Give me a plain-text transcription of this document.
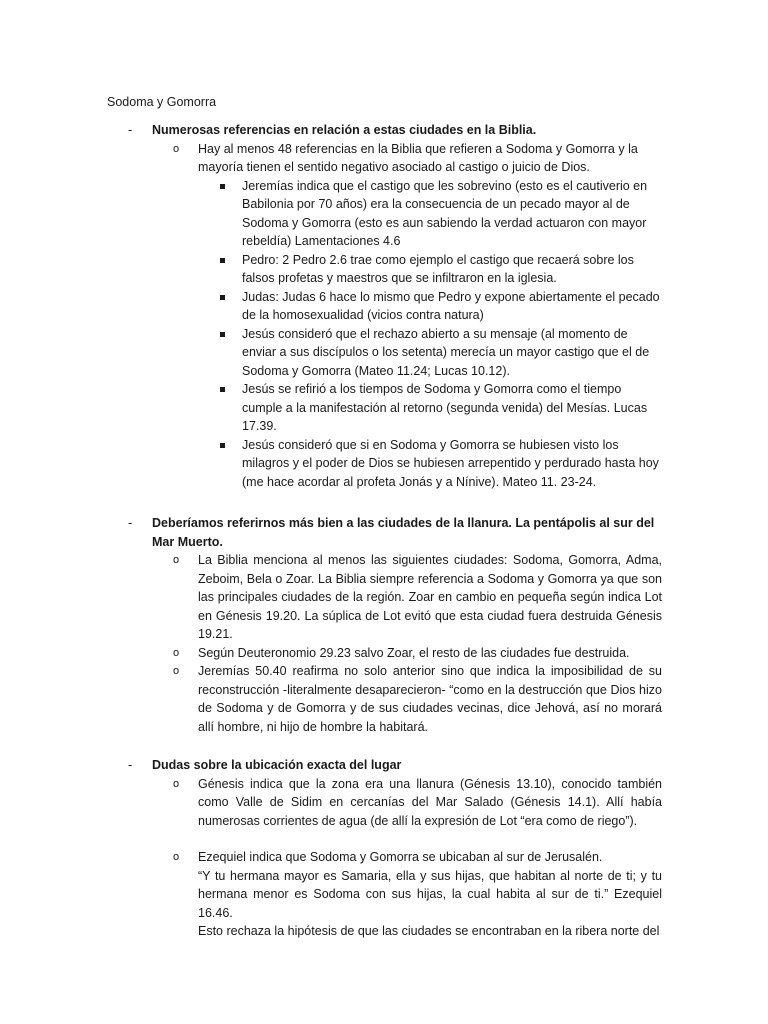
Sodoma y Gomorra
- Numerosas referencias en relación a estas ciudades en la Biblia.
o Hay al menos 48 referencias en la Biblia que refieren a Sodoma y Gomorra y la mayoría tienen el sentido negativo asociado al castigo o juicio de Dios.
Jeremías indica que el castigo que les sobrevino (esto es el cautiverio en Babilonia por 70 años) era la consecuencia de un pecado mayor al de Sodoma y Gomorra (esto es aun sabiendo la verdad actuaron con mayor rebeldía) Lamentaciones 4.6
Pedro: 2 Pedro 2.6 trae como ejemplo el castigo que recaerá sobre los falsos profetas y maestros que se infiltraron en la iglesia.
Judas: Judas 6 hace lo mismo que Pedro y expone abiertamente el pecado de la homosexualidad (vicios contra natura)
Jesús consideró que el rechazo abierto a su mensaje (al momento de enviar a sus discípulos o los setenta) merecía un mayor castigo que el de Sodoma y Gomorra (Mateo 11.24; Lucas 10.12).
Jesús se refirió a los tiempos de Sodoma y Gomorra como el tiempo cumple a la manifestación al retorno (segunda venida) del Mesías. Lucas 17.39.
Jesús consideró que si en Sodoma y Gomorra se hubiesen visto los milagros y el poder de Dios se hubiesen arrepentido y perdurado hasta hoy (me hace acordar al profeta Jonás y a Nínive). Mateo 11. 23-24.
- Deberíamos referirnos más bien a las ciudades de la llanura. La pentápolis al sur del Mar Muerto.
o La Biblia menciona al menos las siguientes ciudades: Sodoma, Gomorra, Adma, Zeboim, Bela o Zoar. La Biblia siempre referencia a Sodoma y Gomorra ya que son las principales ciudades de la región. Zoar en cambio en pequeña según indica Lot en Génesis 19.20. La súplica de Lot evitó que esta ciudad fuera destruida Génesis 19.21.
o Según Deuteronomio 29.23 salvo Zoar, el resto de las ciudades fue destruida.
o Jeremías 50.40 reafirma no solo anterior sino que indica la imposibilidad de su reconstrucción -literalmente desaparecieron- “como en la destrucción que Dios hizo de Sodoma y de Gomorra y de sus ciudades vecinas, dice Jehová, así no morará allí hombre, ni hijo de hombre la habitará.
- Dudas sobre la ubicación exacta del lugar
o Génesis indica que la zona era una llanura (Génesis 13.10), conocido también como Valle de Sidim en cercanías del Mar Salado (Génesis 14.1). Allí había numerosas corrientes de agua (de allí la expresión de Lot “era como de riego”).
o Ezequiel indica que Sodoma y Gomorra se ubicaban al sur de Jerusalén.
“Y tu hermana mayor es Samaria, ella y sus hijas, que habitan al norte de ti; y tu hermana menor es Sodoma con sus hijas, la cual habita al sur de ti.” Ezequiel 16.46.
Esto rechaza la hipótesis de que las ciudades se encontraban en la ribera norte del
